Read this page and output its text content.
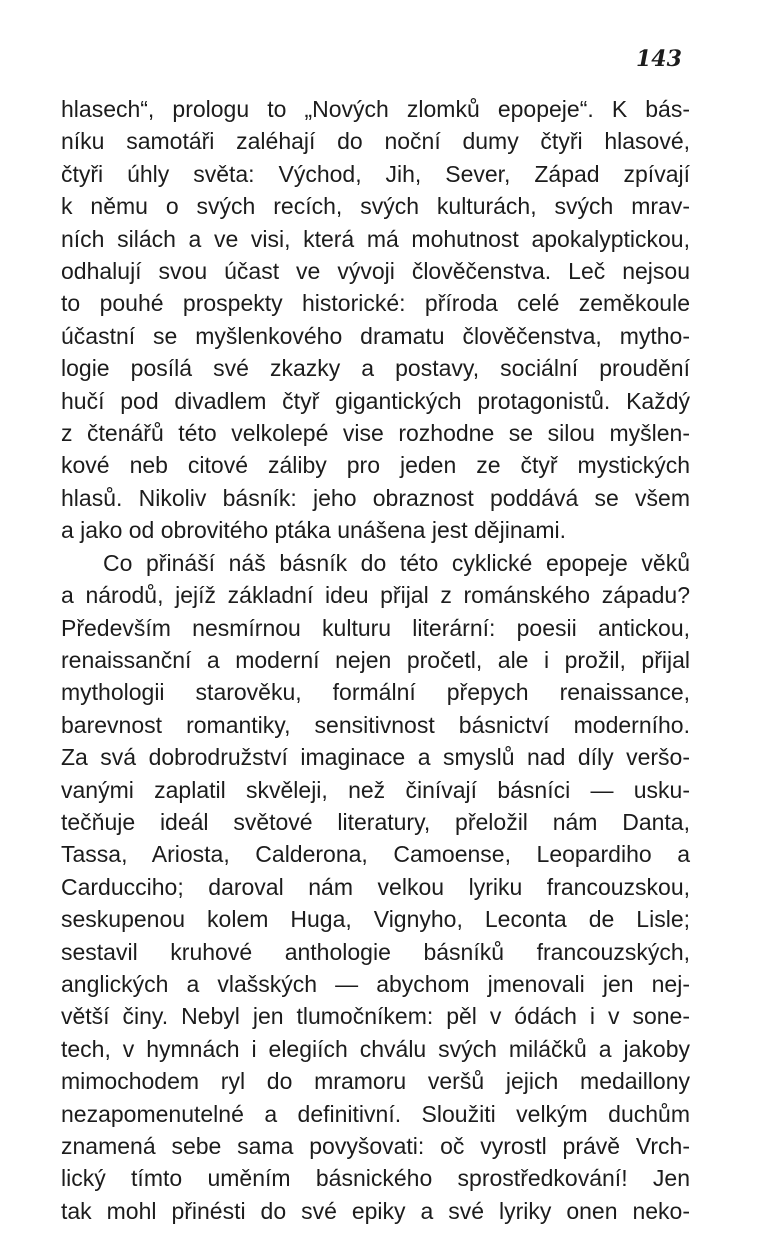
143
hlasech“, prologu to „Nových zlomků epopeje“. K bás-
níku samotáři zaléhají do noční dumy čtyři hlasové,
čtyři úhly světa: Východ, Jih, Sever, Západ zpívají
k němu o svých recích, svých kulturách, svých mrav-
ních silách a ve visi, která má mohutnost apokalyptickou,
odhalují svou účast ve vývoji člověčenstva. Leč nejsou
to pouhé prospekty historické: příroda celé zeměkoule
účastní se myšlenkového dramatu člověčenstva, mytho-
logie posílá své zkazky a postavy, sociální proudění
hučí pod divadlem čtyř gigantických protagonistů. Každý
z čtenářů této velkolepé vise rozhodne se silou myšlen-
kové neb citové záliby pro jeden ze čtyř mystických
hlasů. Nikoliv básník: jeho obraznost poddává se všem
a jako od obrovitého ptáka unášena jest dějinami.
Co přináší náš básník do této cyklické epopeje věků
a národů, jejíž základní ideu přijal z románského západu?
Především nesmírnou kulturu literární: poesii antickou,
renaissanční a moderní nejen pročetl, ale i prožil, přijal
mythologii starověku, formální přepych renaissance,
barevnost romantiky, sensitivnost básnictví moderního.
Za svá dobrodružství imaginace a smyslů nad díly veršo-
vanými zaplatil skvěleji, než činívají básníci — usku-
tečňuje ideál světové literatury, přeložil nám Danta,
Tassa, Ariosta, Calderona, Camoense, Leopardiho a
Carducciho; daroval nám velkou lyriku francouzskou,
seskupenou kolem Huga, Vignyho, Leconta de Lisle;
sestavil kruhové anthologie básníků francouzských,
anglických a vlašských — abychom jmenovali jen nej-
větší činy. Nebyl jen tlumočníkem: pěl v ódách i v sone-
tech, v hymnách i elegiích chválu svých miláčků a jakoby
mimochodem ryl do mramoru veršů jejich medaillony
nezapomenutelné a definitivní. Sloužiti velkým duchům
znamená sebe sama povyšovati: oč vyrostl právě Vrch-
lický tímto uměním básnického sprostředkování! Jen
tak mohl přinésti do své epiky a své lyriky onen neko-
